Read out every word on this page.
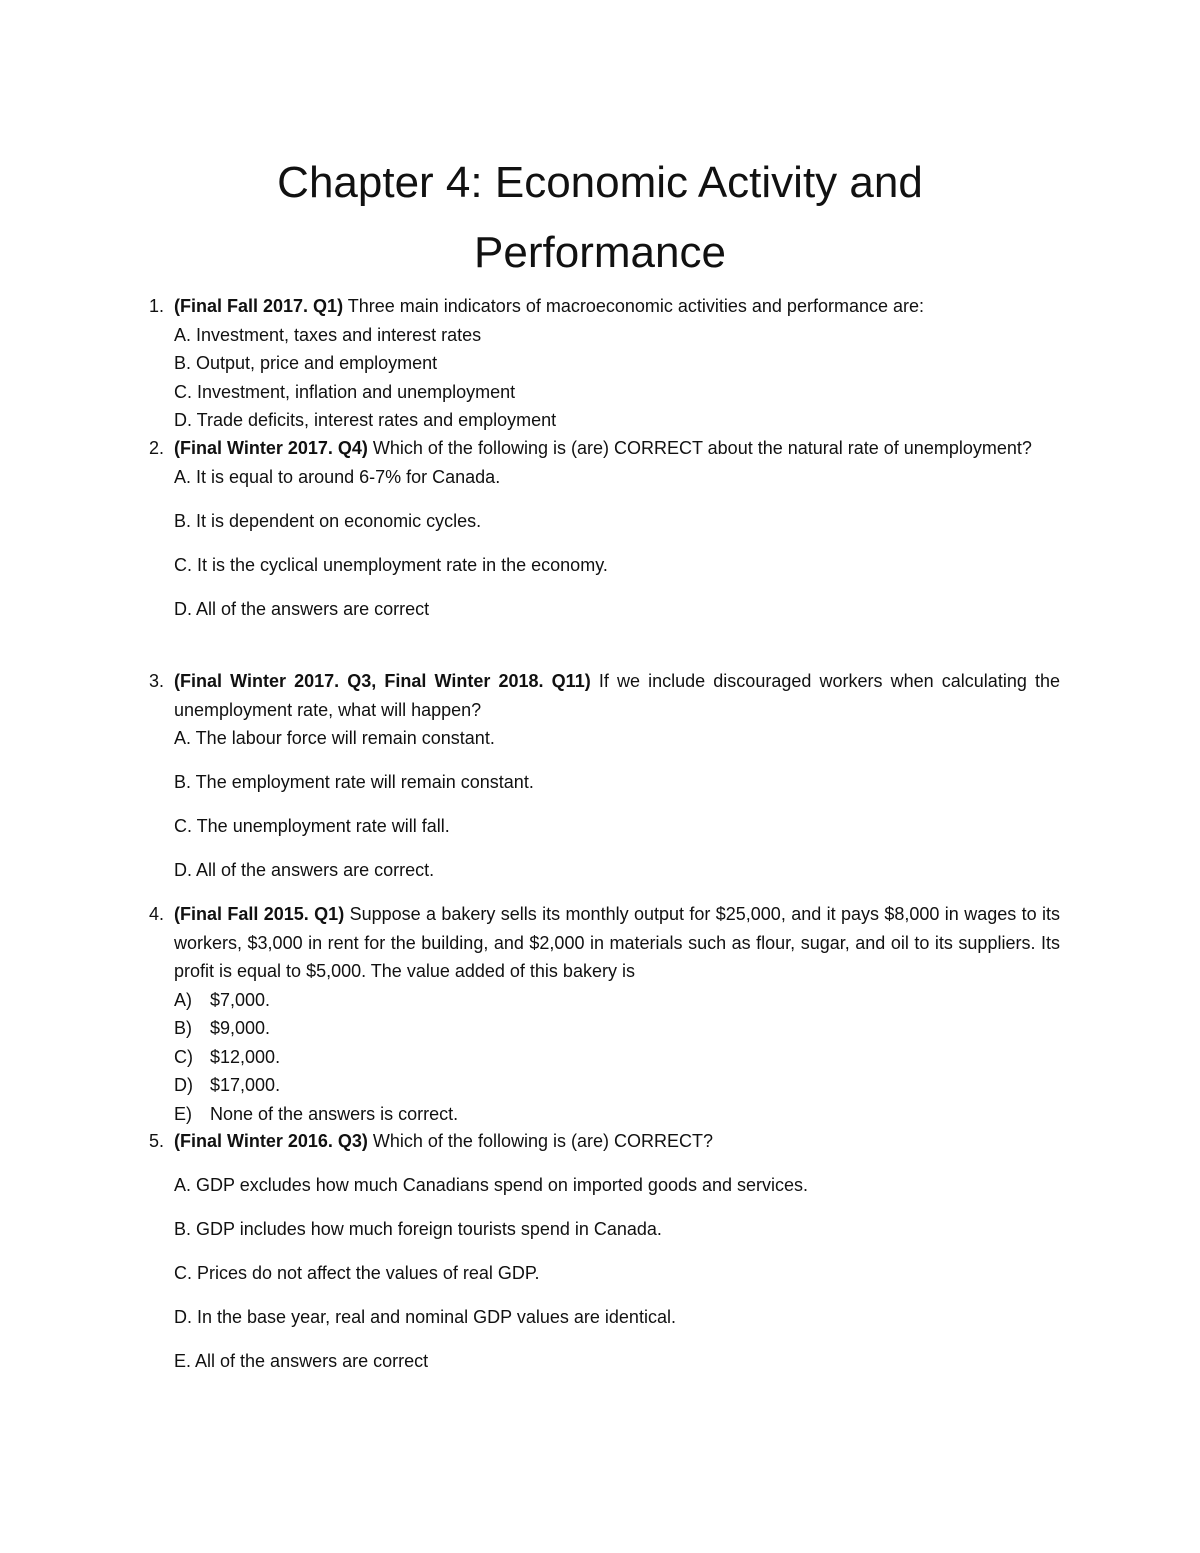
Chapter 4: Economic Activity and
Performance
1. (Final Fall 2017. Q1) Three main indicators of macroeconomic activities and performance are:

A. Investment, taxes and interest rates

B. Output, price and employment

C. Investment, inflation and unemployment

D. Trade deficits, interest rates and employment

2. (Final Winter 2017. Q4) Which of the following is (are) CORRECT about the natural rate of unemployment?

A. It is equal to around 6-7% for Canada.

B. It is dependent on economic cycles.

C. It is the cyclical unemployment rate in the economy.

D. All of the answers are correct

3. (Final Winter 2017. Q3, Final Winter 2018. Q11) If we include discouraged workers when calculating the unemployment rate, what will happen?

A. The labour force will remain constant.

B. The employment rate will remain constant.

C. The unemployment rate will fall.

D. All of the answers are correct.

4. (Final Fall 2015. Q1) Suppose a bakery sells its monthly output for $25,000, and it pays $8,000 in wages to its workers, $3,000 in rent for the building, and $2,000 in materials such as flour, sugar, and oil to its suppliers. Its profit is equal to $5,000. The value added of this bakery is

A)	$7,000.
B)	$9,000.
C) $12,000.
D) $17,000.
E)	None of the answers is correct.
5. (Final Winter 2016. Q3) Which of the following is (are) CORRECT?

A. GDP excludes how much Canadians spend on imported goods and services.

B. GDP includes how much foreign tourists spend in Canada.

C. Prices do not affect the values of real GDP.

D. In the base year, real and nominal GDP values are identical.

E. All of the answers are correct
